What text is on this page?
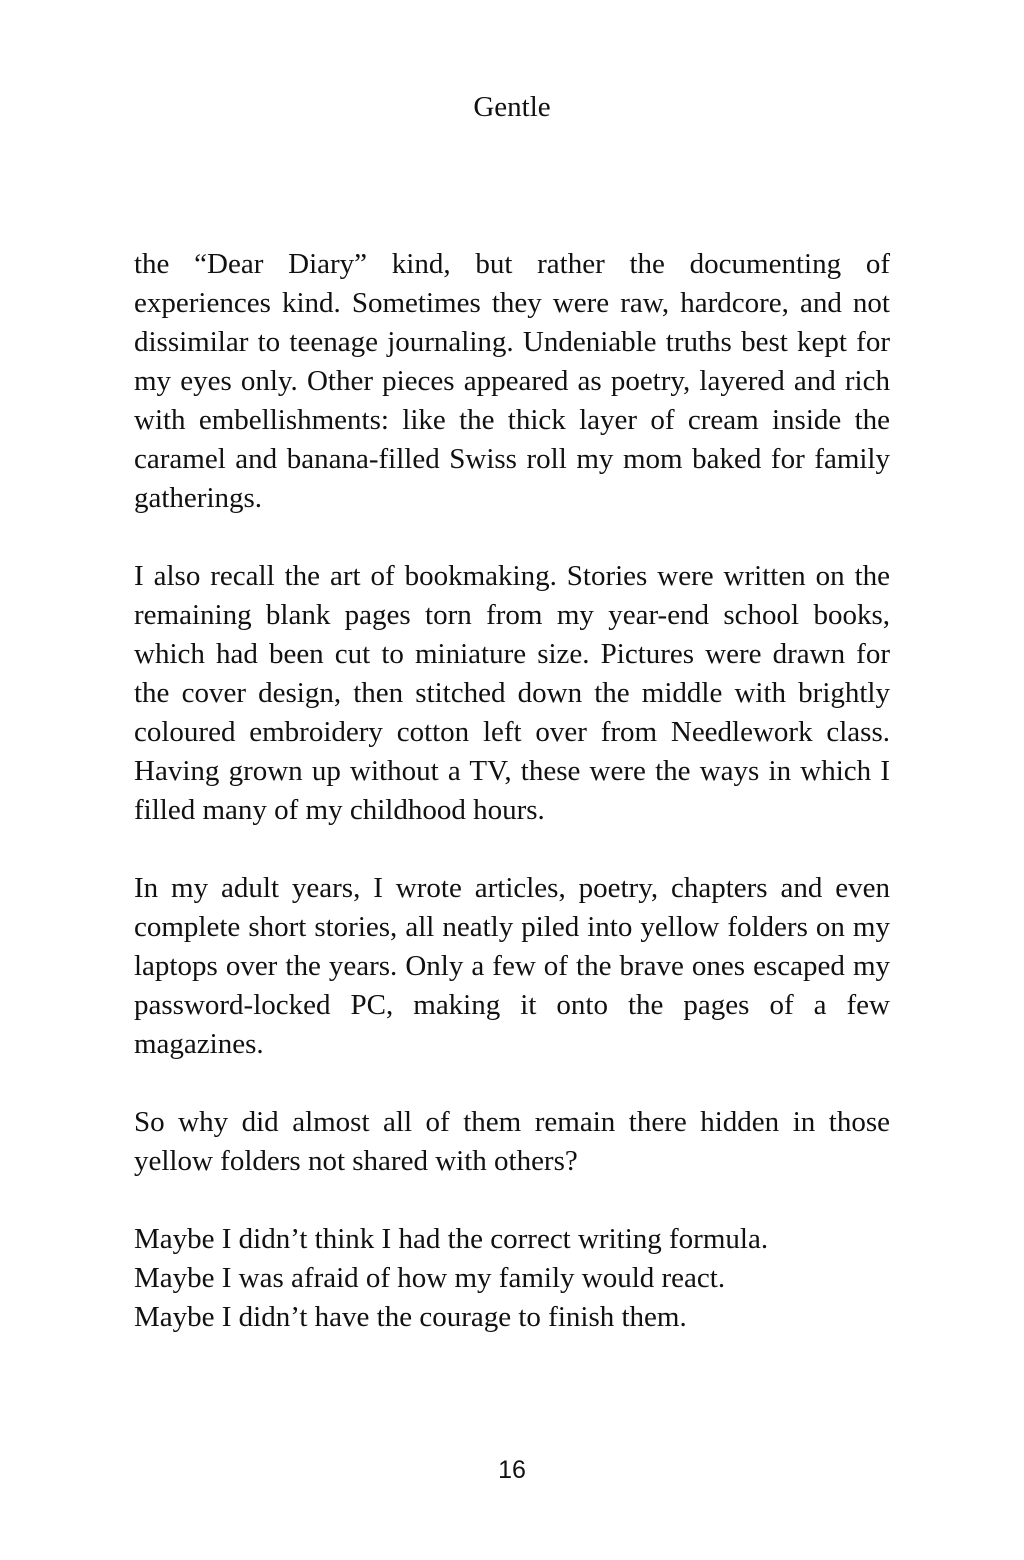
Gentle

the “Dear Diary” kind, but rather the documenting of experiences kind. Sometimes they were raw, hardcore, and not dissimilar to teenage journaling. Undeniable truths best kept for my eyes only. Other pieces appeared as poetry, layered and rich with embellishments: like the thick layer of cream inside the caramel and banana-filled Swiss roll my mom baked for family gatherings.

I also recall the art of bookmaking. Stories were written on the remaining blank pages torn from my year-end school books, which had been cut to miniature size. Pictures were drawn for the cover design, then stitched down the middle with brightly coloured embroidery cotton left over from Needlework class. Having grown up without a TV, these were the ways in which I filled many of my childhood hours.

In my adult years, I wrote articles, poetry, chapters and even complete short stories, all neatly piled into yellow folders on my laptops over the years. Only a few of the brave ones escaped my password-locked PC, making it onto the pages of a few magazines.

So why did almost all of them remain there hidden in those yellow folders not shared with others?

Maybe I didn’t think I had the correct writing formula.
Maybe I was afraid of how my family would react.
Maybe I didn’t have the courage to finish them.
16
